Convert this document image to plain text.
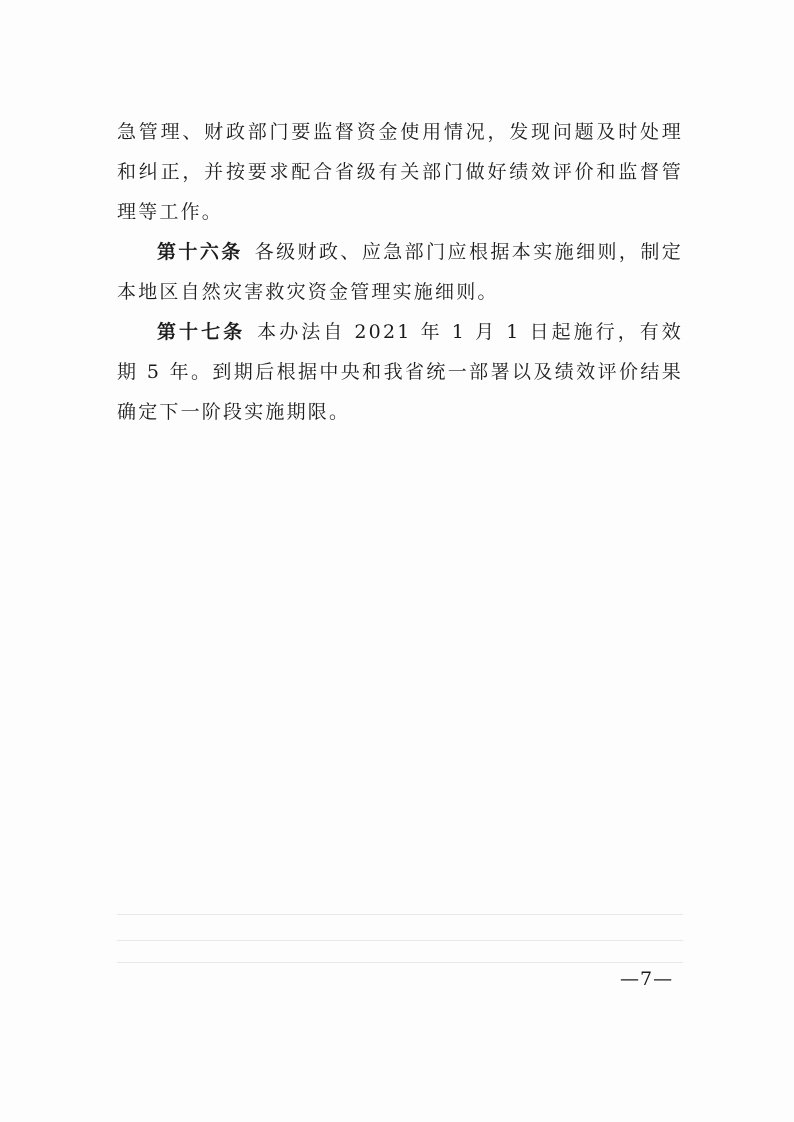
急管理、财政部门要监督资金使用情况，发现问题及时处理和纠正，并按要求配合省级有关部门做好绩效评价和监督管理等工作。

第十六条 各级财政、应急部门应根据本实施细则，制定本地区自然灾害救灾资金管理实施细则。

第十七条 本办法自 2021 年 1 月 1 日起施行，有效期 5 年。到期后根据中央和我省统一部署以及绩效评价结果确定下一阶段实施期限。

—7—
